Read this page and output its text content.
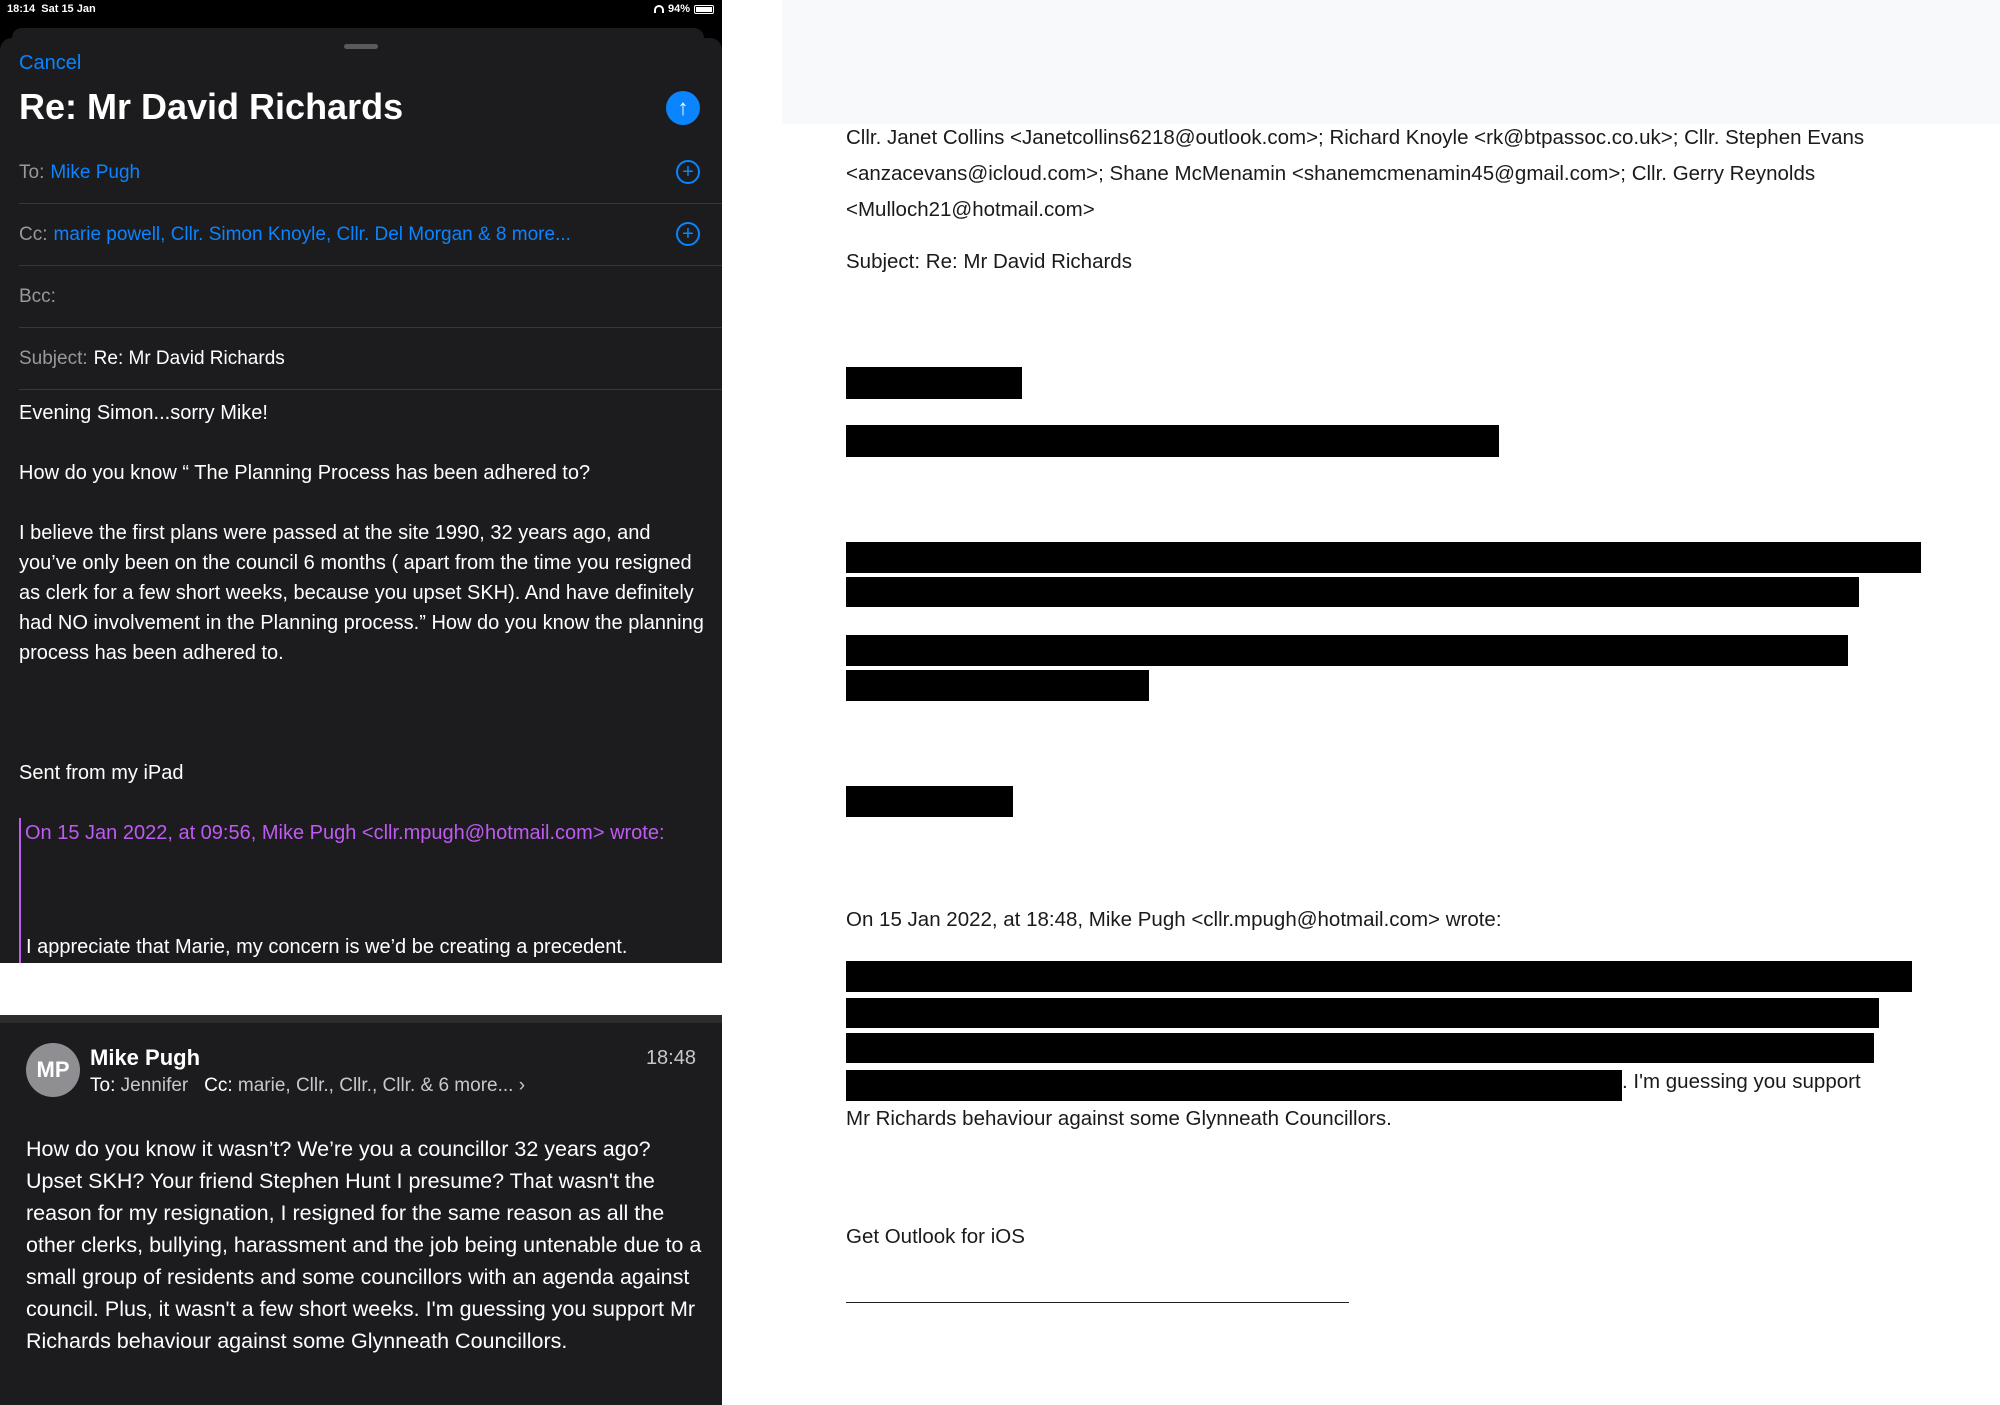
18:14 Sat 15 Jan	94%
Cancel
Re: Mr David Richards	↑
To: Mike Pugh	+
Cc: marie powell, Cllr. Simon Knoyle, Cllr. Del Morgan & 8 more...	+
Bcc:
Subject: Re: Mr David Richards

Evening Simon...sorry Mike!

How do you know “ The Planning Process has been adhered to?

I believe the first plans were passed at the site 1990, 32 years ago, and you’ve only been on the council 6 months ( apart from the time you resigned as clerk for a few short weeks, because you upset SKH). And have definitely had NO involvement in the Planning process.” How do you know the planning process has been adhered to.

Sent from my iPad

On 15 Jan 2022, at 09:56, Mike Pugh <cllr.mpugh@hotmail.com> wrote:
I appreciate that Marie, my concern is we’d be creating a precedent.
MP Mike Pugh	18:48
To: Jennifer Cc: marie, Cllr., Cllr., Cllr. & 6 more... ›

How do you know it wasn’t? We’re you a councillor 32 years ago? Upset SKH? Your friend Stephen Hunt I presume? That wasn't the reason for my resignation, I resigned for the same reason as all the other clerks, bullying, harassment and the job being untenable due to a small group of residents and some councillors with an agenda against council. Plus, it wasn't a few short weeks. I'm guessing you support Mr Richards behaviour against some Glynneath Councillors.

Cllr. Janet Collins <Janetcollins6218@outlook.com>; Richard Knoyle <rk@btpassoc.co.uk>; Cllr. Stephen Evans <anzacevans@icloud.com>; Shane McMenamin <shanemcmenamin45@gmail.com>; Cllr. Gerry Reynolds <Mulloch21@hotmail.com>

Subject: Re: Mr David Richards
On 15 Jan 2022, at 18:48, Mike Pugh <cllr.mpugh@hotmail.com> wrote:
. I'm guessing you support
Mr Richards behaviour against some Glynneath Councillors.
Get Outlook for iOS
